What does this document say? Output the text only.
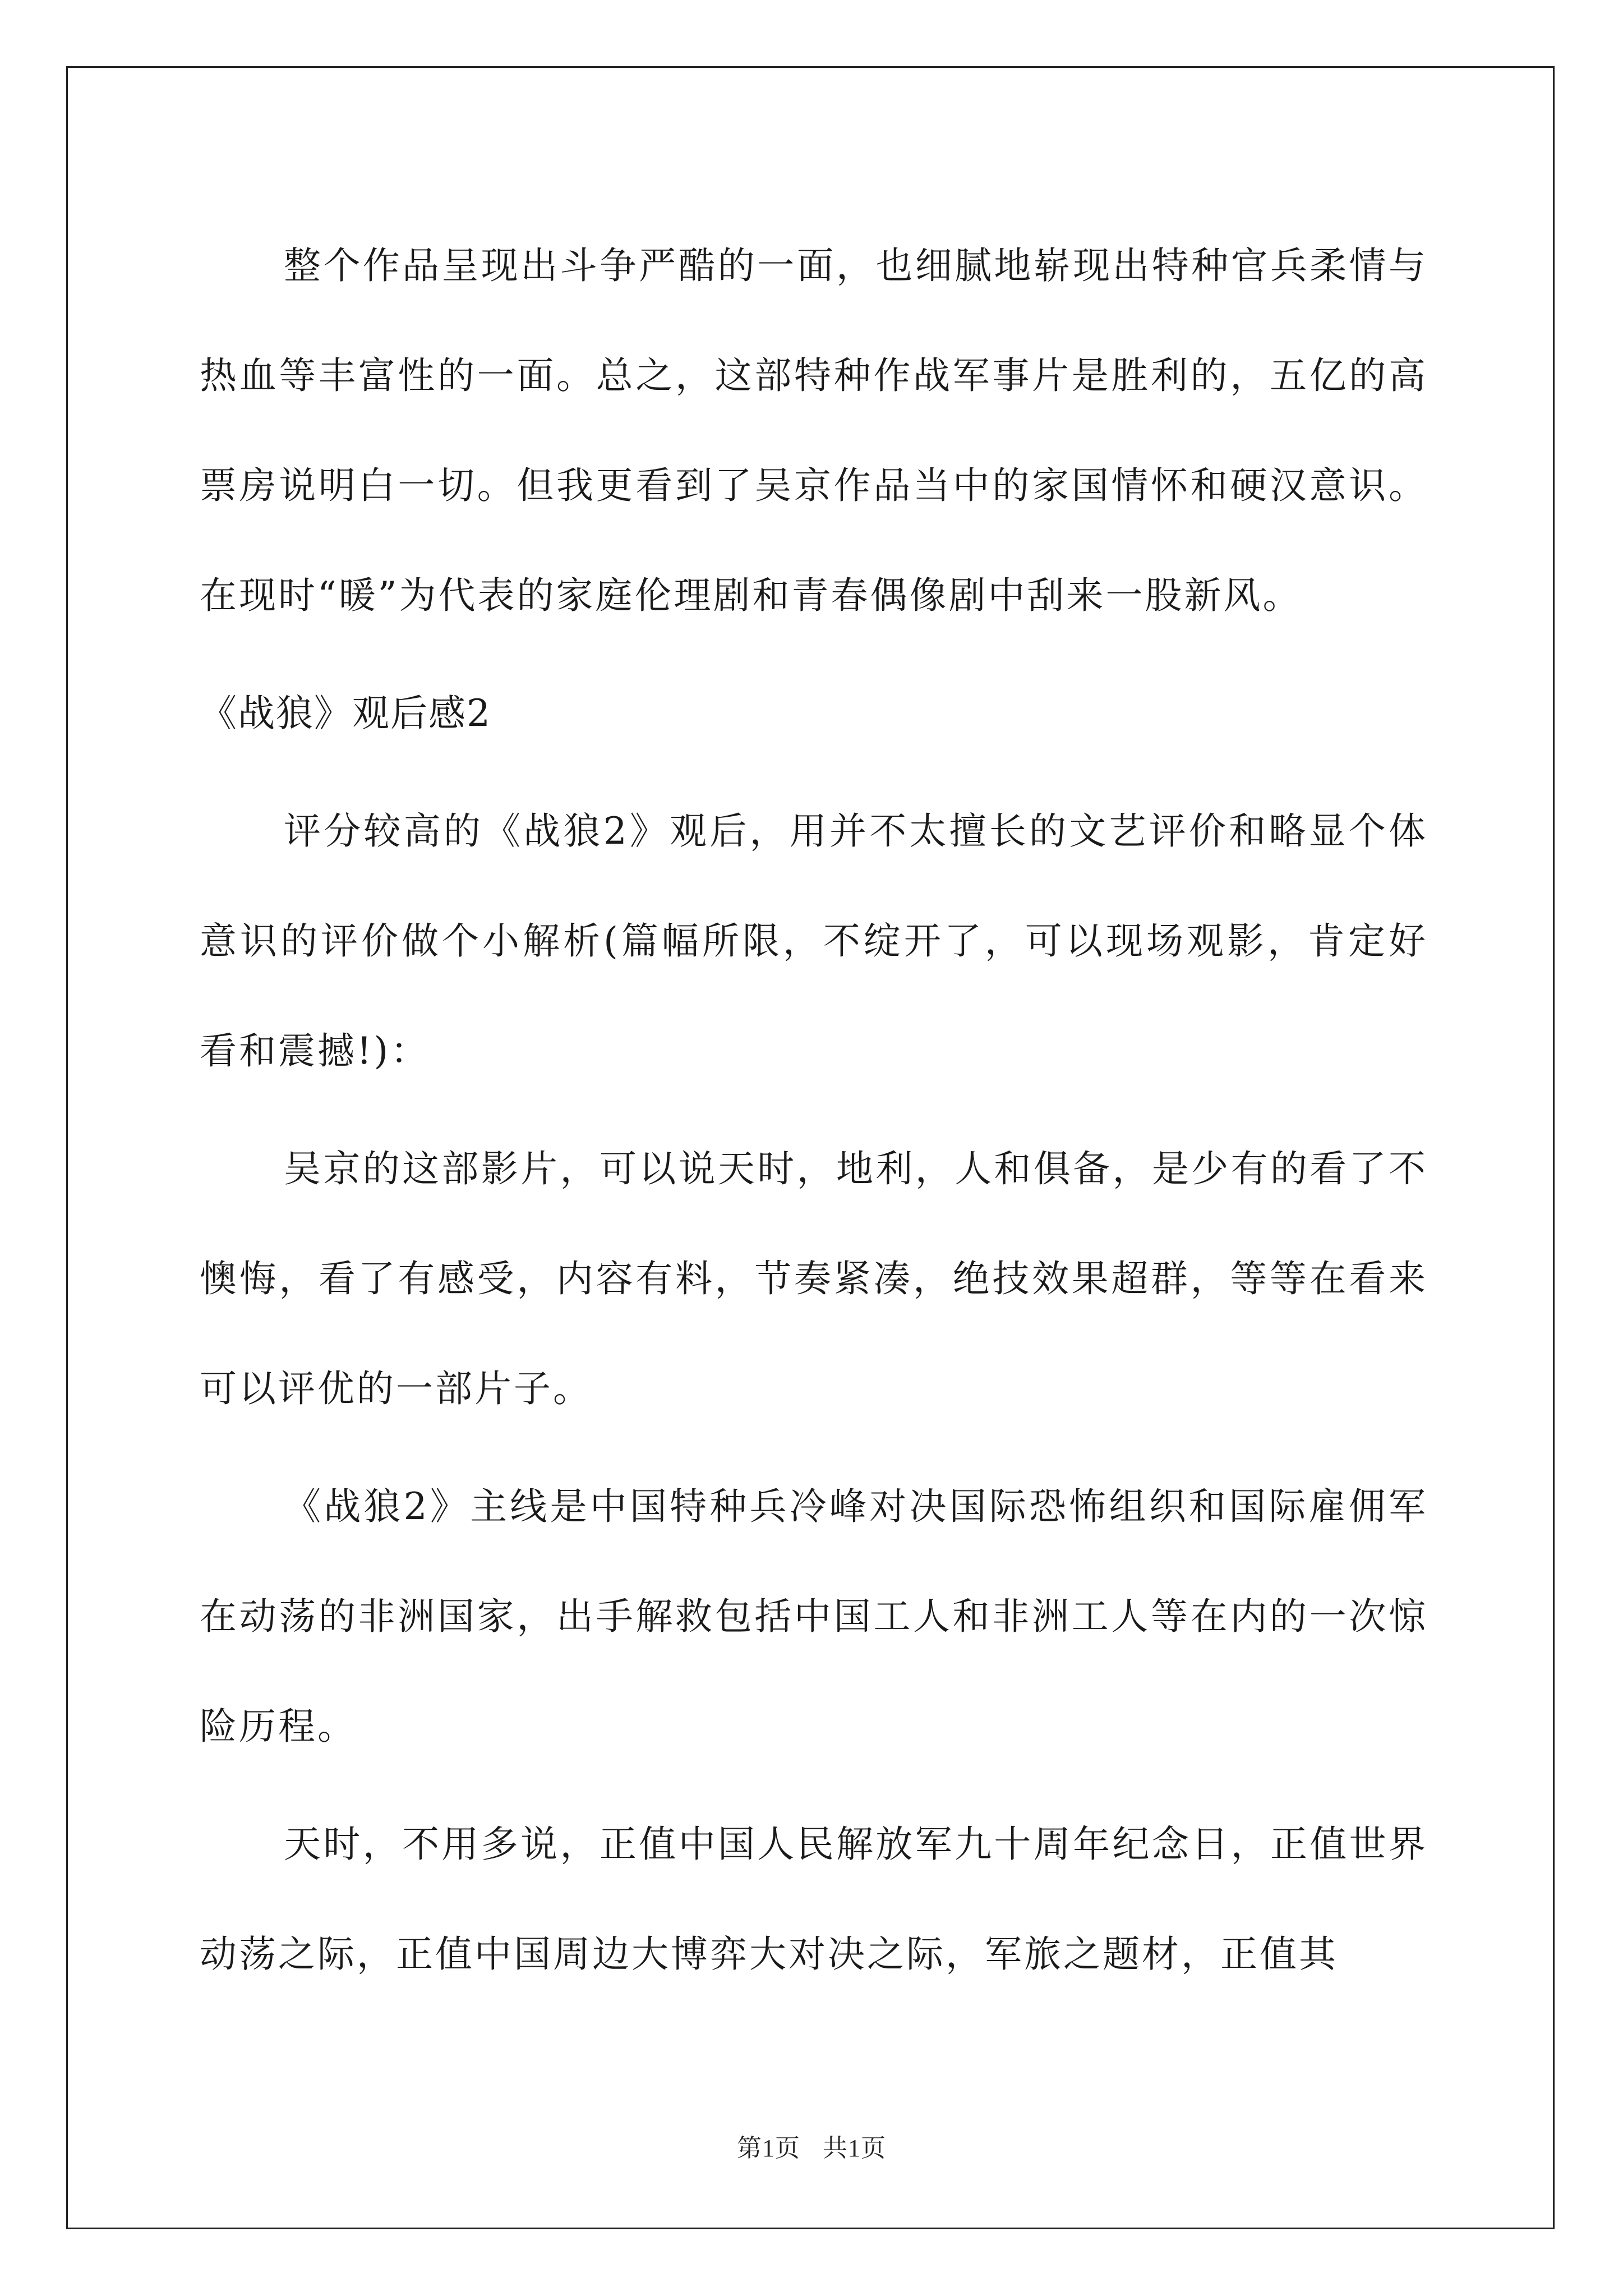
整个作品呈现出斗争严酷的一面，也细腻地崭现出特种官兵柔情与热血等丰富性的一面。总之，这部特种作战军事片是胜利的，五亿的高票房说明白一切。但我更看到了吴京作品当中的家国情怀和硬汉意识。在现时“暖”为代表的家庭伦理剧和青春偶像剧中刮来一股新风。

《战狼》观后感2

评分较高的《战狼2》观后，用并不太擅长的文艺评价和略显个体意识的评价做个小解析(篇幅所限，不绽开了，可以现场观影，肯定好看和震撼!)：

吴京的这部影片，可以说天时，地利，人和俱备，是少有的看了不懊悔，看了有感受，内容有料，节奏紧凑，绝技效果超群，等等在看来可以评优的一部片子。

《战狼2》主线是中国特种兵冷峰对决国际恐怖组织和国际雇佣军在动荡的非洲国家，出手解救包括中国工人和非洲工人等在内的一次惊险历程。

天时，不用多说，正值中国人民解放军九十周年纪念日，正值世界动荡之际，正值中国周边大博弈大对决之际，军旅之题材，正值其

第1页 共1页
